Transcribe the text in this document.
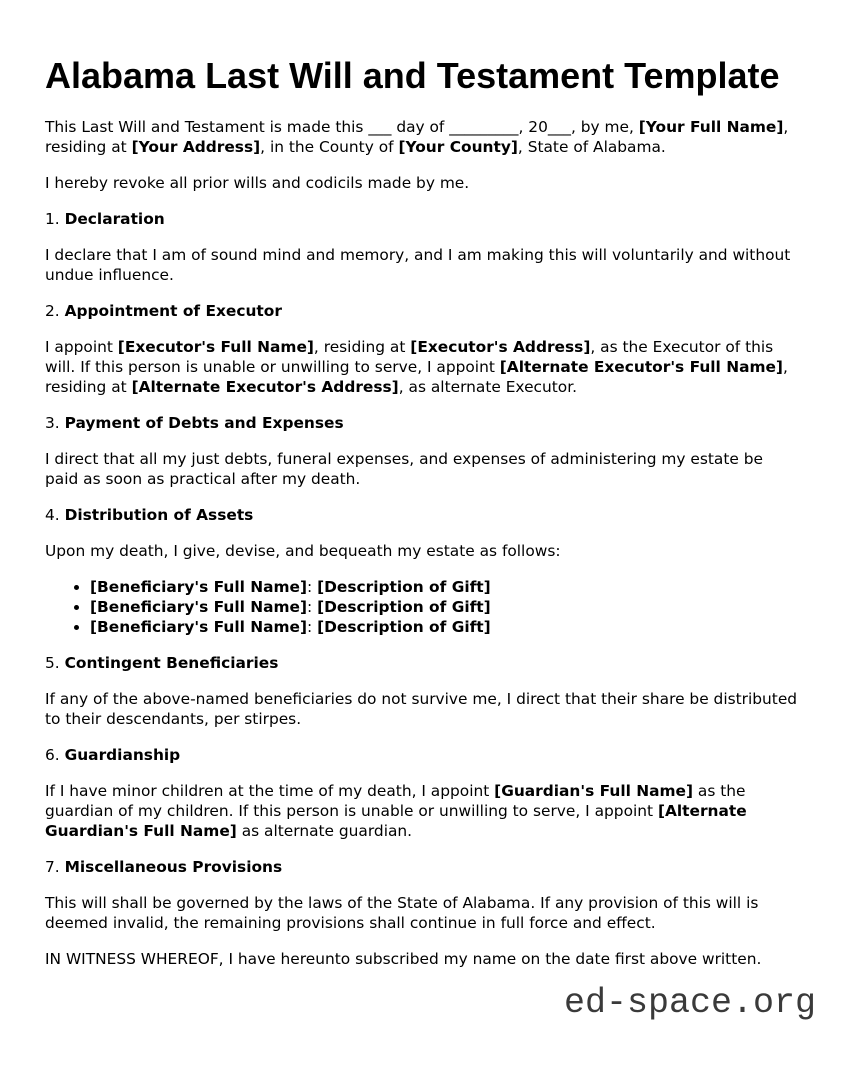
Alabama Last Will and Testament Template

This Last Will and Testament is made this ___ day of _________, 20___, by me, [Your Full Name], residing at [Your Address], in the County of [Your County], State of Alabama.

I hereby revoke all prior wills and codicils made by me.

1. Declaration

I declare that I am of sound mind and memory, and I am making this will voluntarily and without undue influence.

2. Appointment of Executor

I appoint [Executor's Full Name], residing at [Executor's Address], as the Executor of this will. If this person is unable or unwilling to serve, I appoint [Alternate Executor's Full Name], residing at [Alternate Executor's Address], as alternate Executor.

3. Payment of Debts and Expenses

I direct that all my just debts, funeral expenses, and expenses of administering my estate be paid as soon as practical after my death.

4. Distribution of Assets

Upon my death, I give, devise, and bequeath my estate as follows:

• [Beneficiary's Full Name]: [Description of Gift]
• [Beneficiary's Full Name]: [Description of Gift]
• [Beneficiary's Full Name]: [Description of Gift]

5. Contingent Beneficiaries

If any of the above-named beneficiaries do not survive me, I direct that their share be distributed to their descendants, per stirpes.

6. Guardianship

If I have minor children at the time of my death, I appoint [Guardian's Full Name] as the guardian of my children. If this person is unable or unwilling to serve, I appoint [Alternate Guardian's Full Name] as alternate guardian.

7. Miscellaneous Provisions

This will shall be governed by the laws of the State of Alabama. If any provision of this will is deemed invalid, the remaining provisions shall continue in full force and effect.

IN WITNESS WHEREOF, I have hereunto subscribed my name on the date first above written.

ed-space.org
